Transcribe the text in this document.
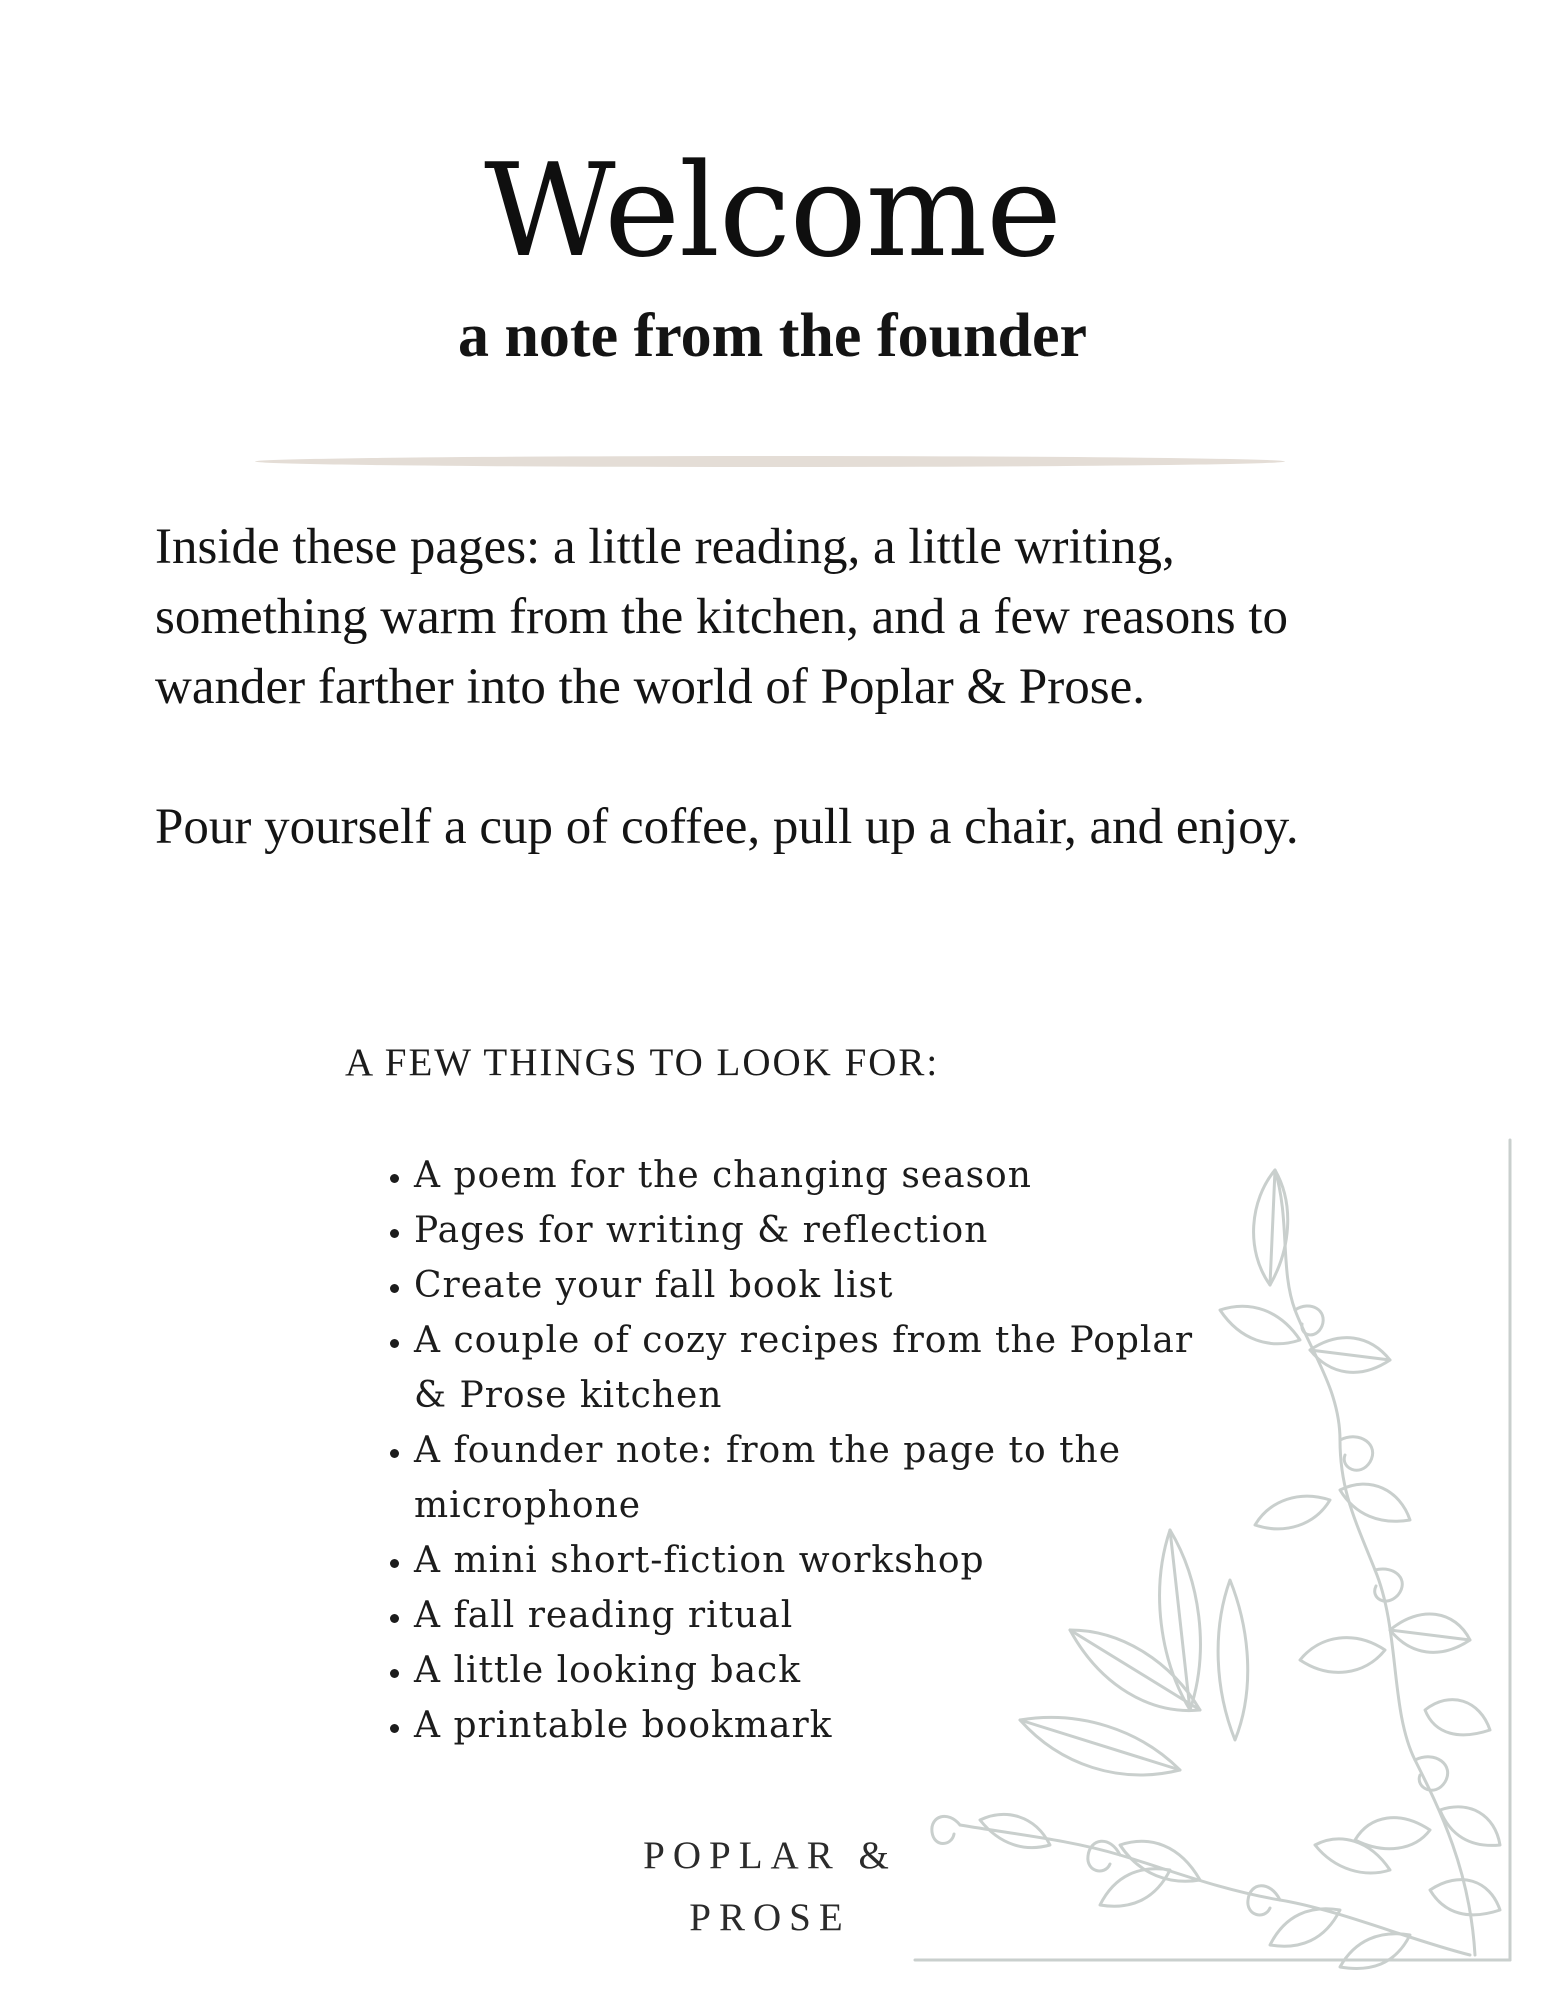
Welcome
a note from the founder

Inside these pages: a little reading, a little writing, something warm from the kitchen, and a few reasons to wander farther into the world of Poplar & Prose.

Pour yourself a cup of coffee, pull up a chair, and enjoy.

A FEW THINGS TO LOOK FOR:
• A poem for the changing season
• Pages for writing & reflection
• Create your fall book list
• A couple of cozy recipes from the Poplar & Prose kitchen
• A founder note: from the page to the microphone
• A mini short-fiction workshop
• A fall reading ritual
• A little looking back
• A printable bookmark
POPLAR &
PROSE
